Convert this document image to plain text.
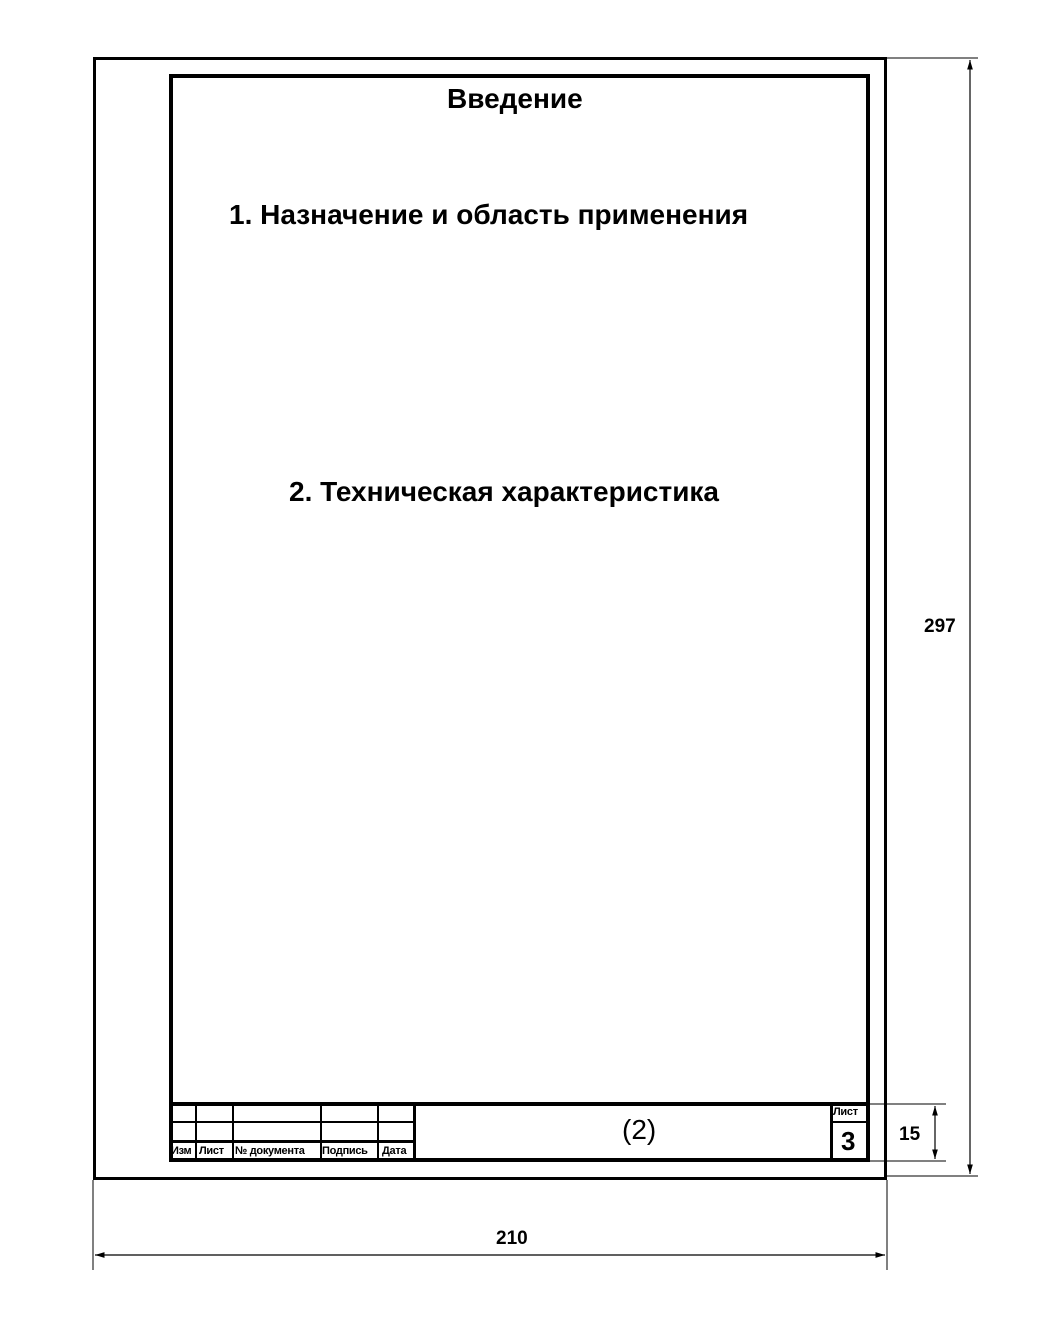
Введение
1. Назначение и область применения
2. Техническая характеристика
Изм Лист № документа Подпись Дата
(2)
Лист
3
297
210
15
